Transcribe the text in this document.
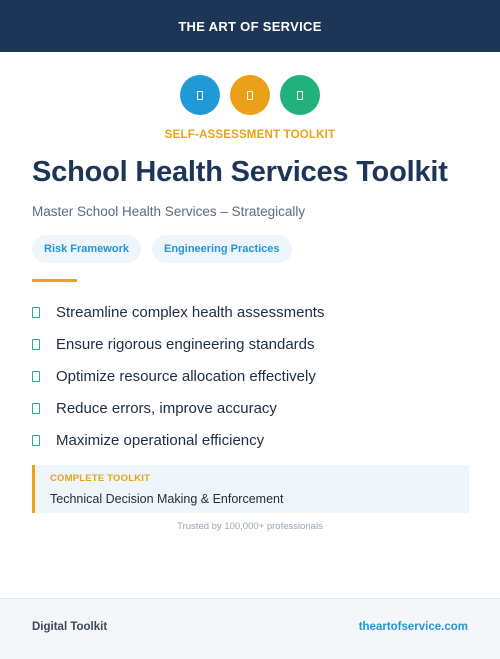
THE ART OF SERVICE
SELF-ASSESSMENT TOOLKIT
School Health Services Toolkit
Master School Health Services – Strategically
Risk Framework	Engineering Practices
Streamline complex health assessments
Ensure rigorous engineering standards
Optimize resource allocation effectively
Reduce errors, improve accuracy
Maximize operational efficiency
COMPLETE TOOLKIT
Technical Decision Making & Enforcement
Trusted by 100,000+ professionals
Digital Toolkit	theartofservice.com
